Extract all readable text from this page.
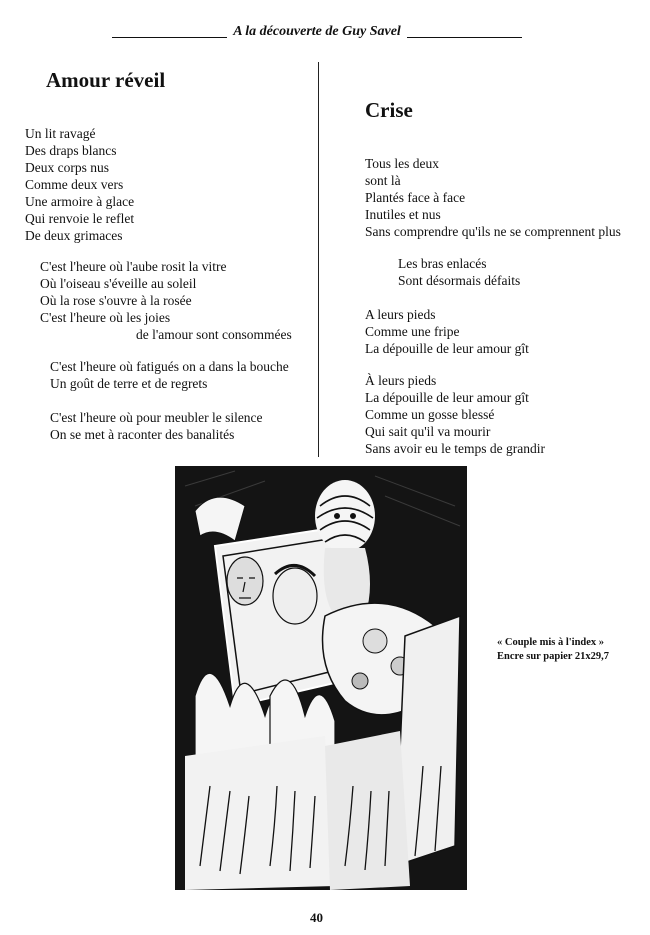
A la découverte de Guy Savel
Amour réveil

Un lit ravagé
Des draps blancs
Deux corps nus
Comme deux vers
Une armoire à glace
Qui renvoie le reflet
De deux grimaces

C'est l'heure où l'aube rosit la vitre
Où l'oiseau s'éveille au soleil
Où la rose s'ouvre à la rosée
C'est l'heure où les joies
de l'amour sont consommées

C'est l'heure où fatigués on a dans la bouche
Un goût de terre et de regrets

C'est l'heure où pour meubler le silence
On se met à raconter des banalités

Crise

Tous les deux
sont là
Plantés face à face
Inutiles et nus
Sans comprendre qu'ils ne se comprennent plus

Les bras enlacés
Sont désormais défaits

A leurs pieds
Comme une fripe
La dépouille de leur amour gît

À leurs pieds
La dépouille de leur amour gît
Comme un gosse blessé
Qui sait qu'il va mourir
Sans avoir eu le temps de grandir

« Couple mis à l'index »
Encre sur papier 21x29,7
40
